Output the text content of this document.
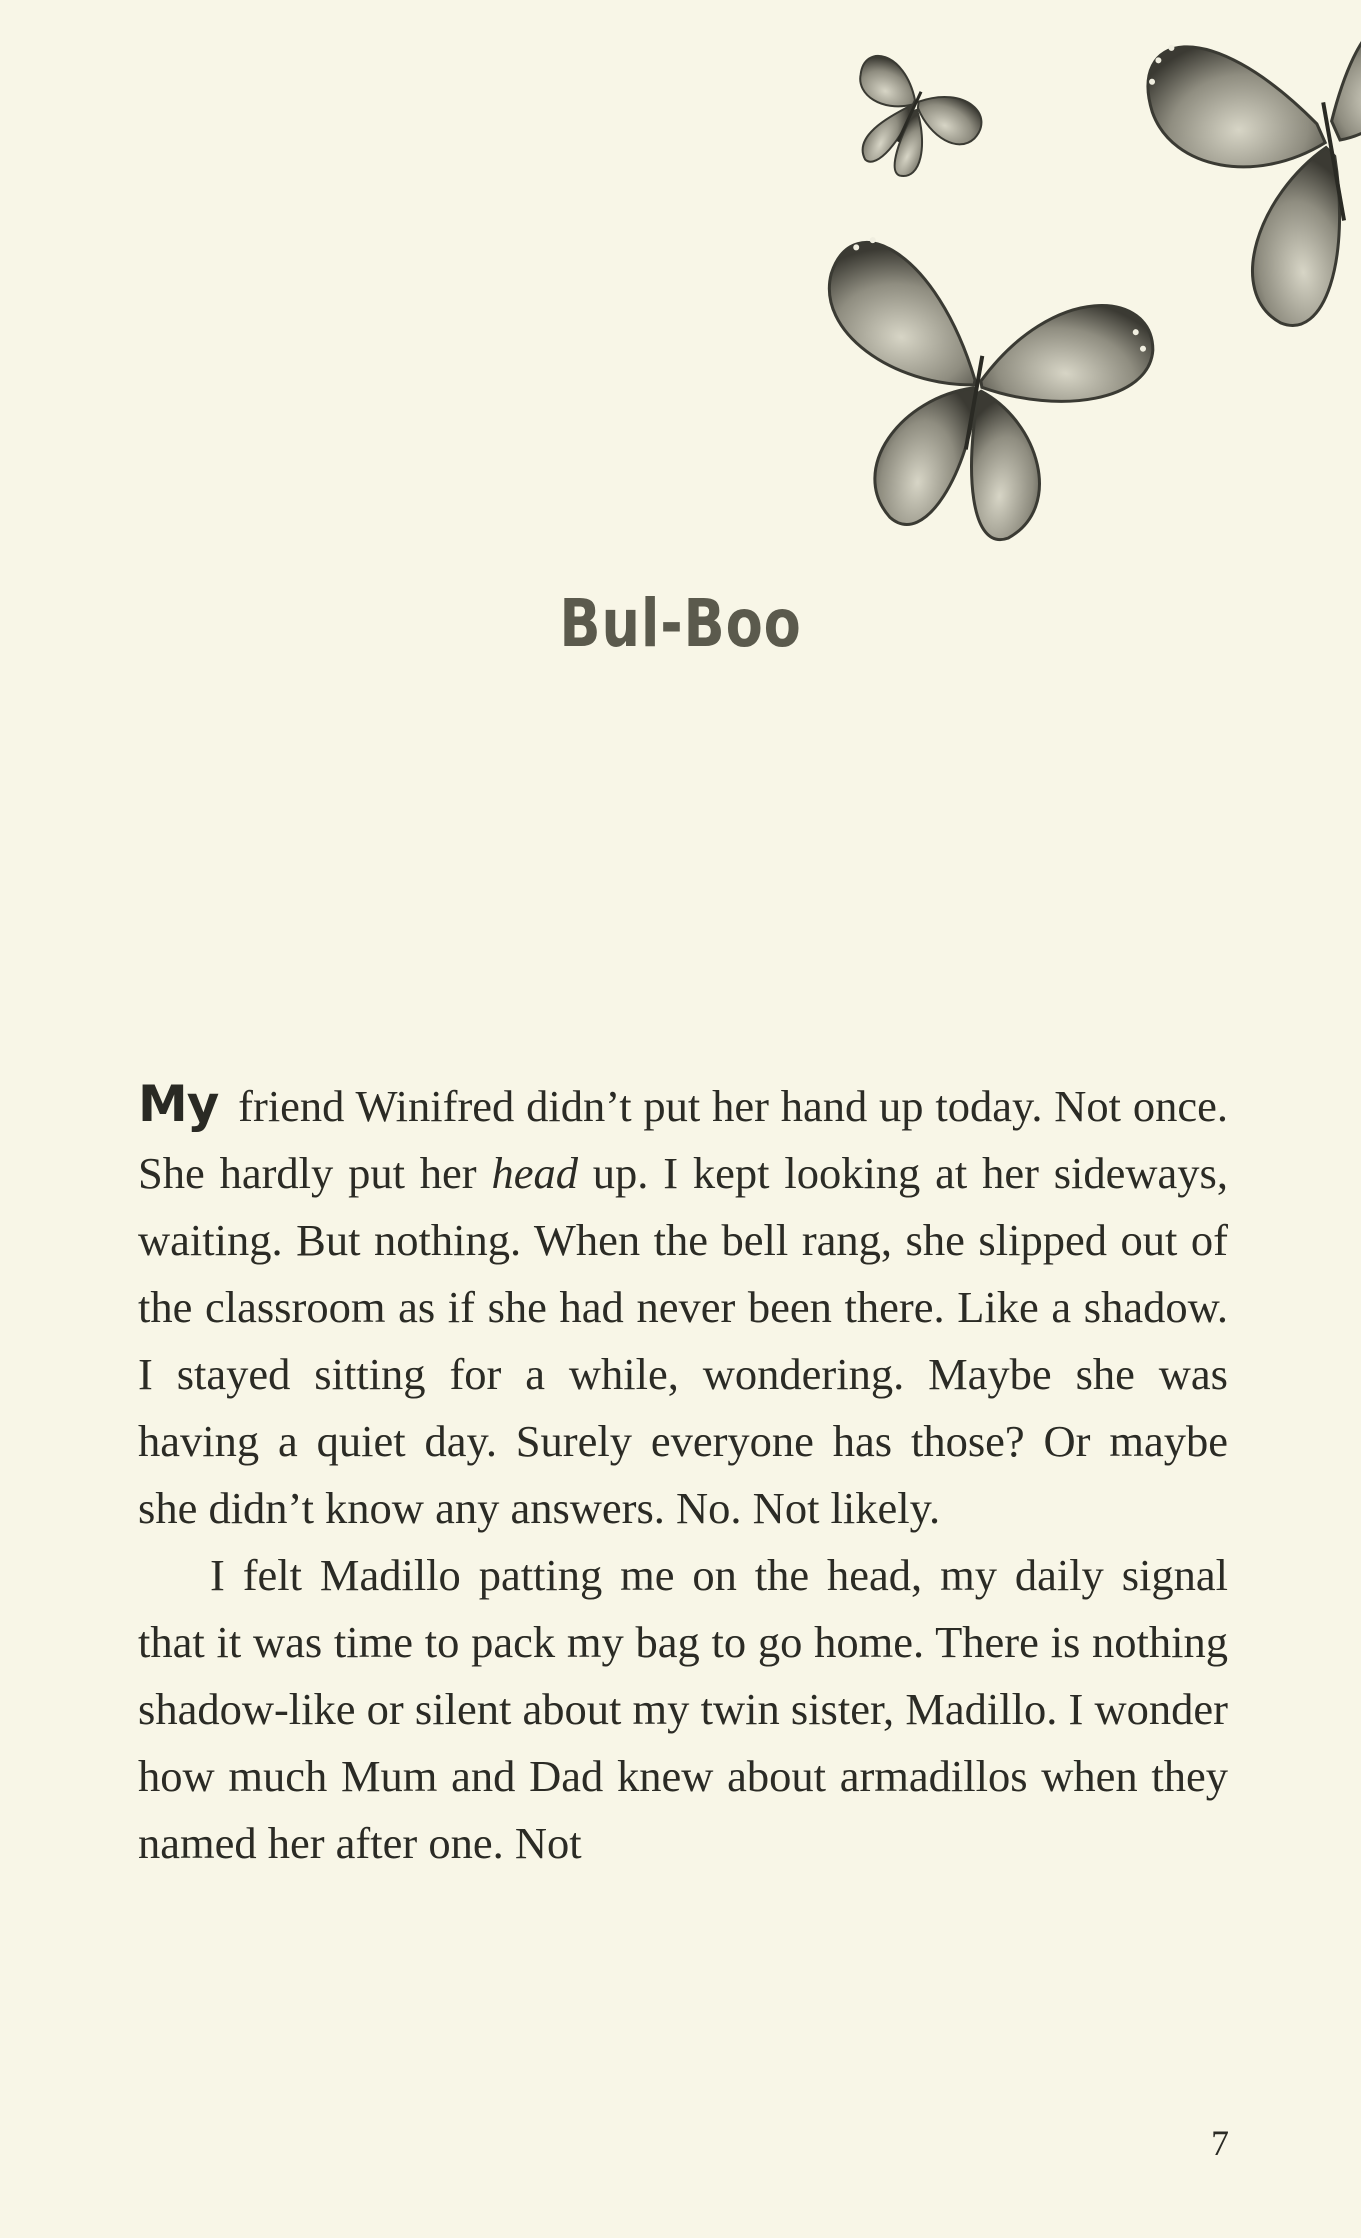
Bul-Boo

My friend Winifred didn’t put her hand up today. Not once. She hardly put her head up. I kept looking at her sideways, waiting. But nothing. When the bell rang, she slipped out of the classroom as if she had never been there. Like a shadow. I stayed sitting for a while, wondering. Maybe she was having a quiet day. Surely everyone has those? Or maybe she didn’t know any answers. No. Not likely.

I felt Madillo patting me on the head, my daily signal that it was time to pack my bag to go home. There is nothing shadow-like or silent about my twin sister, Madillo. I wonder how much Mum and Dad knew about armadillos when they named her after one. Not

7
